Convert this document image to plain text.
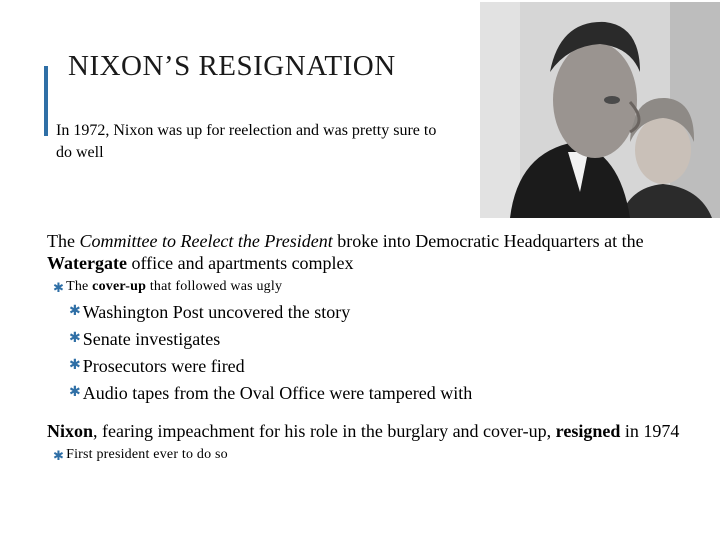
NIXON’S RESIGNATION
In 1972, Nixon was up for reelection and was pretty sure to do well

The Committee to Reelect the President broke into Democratic Headquarters at the Watergate office and apartments complex

✱ The cover-up that followed was ugly
✱ Washington Post uncovered the story
✱ Senate investigates
✱ Prosecutors were fired
✱ Audio tapes from the Oval Office were tampered with

Nixon, fearing impeachment for his role in the burglary and cover-up, resigned in 1974

✱ First president ever to do so
